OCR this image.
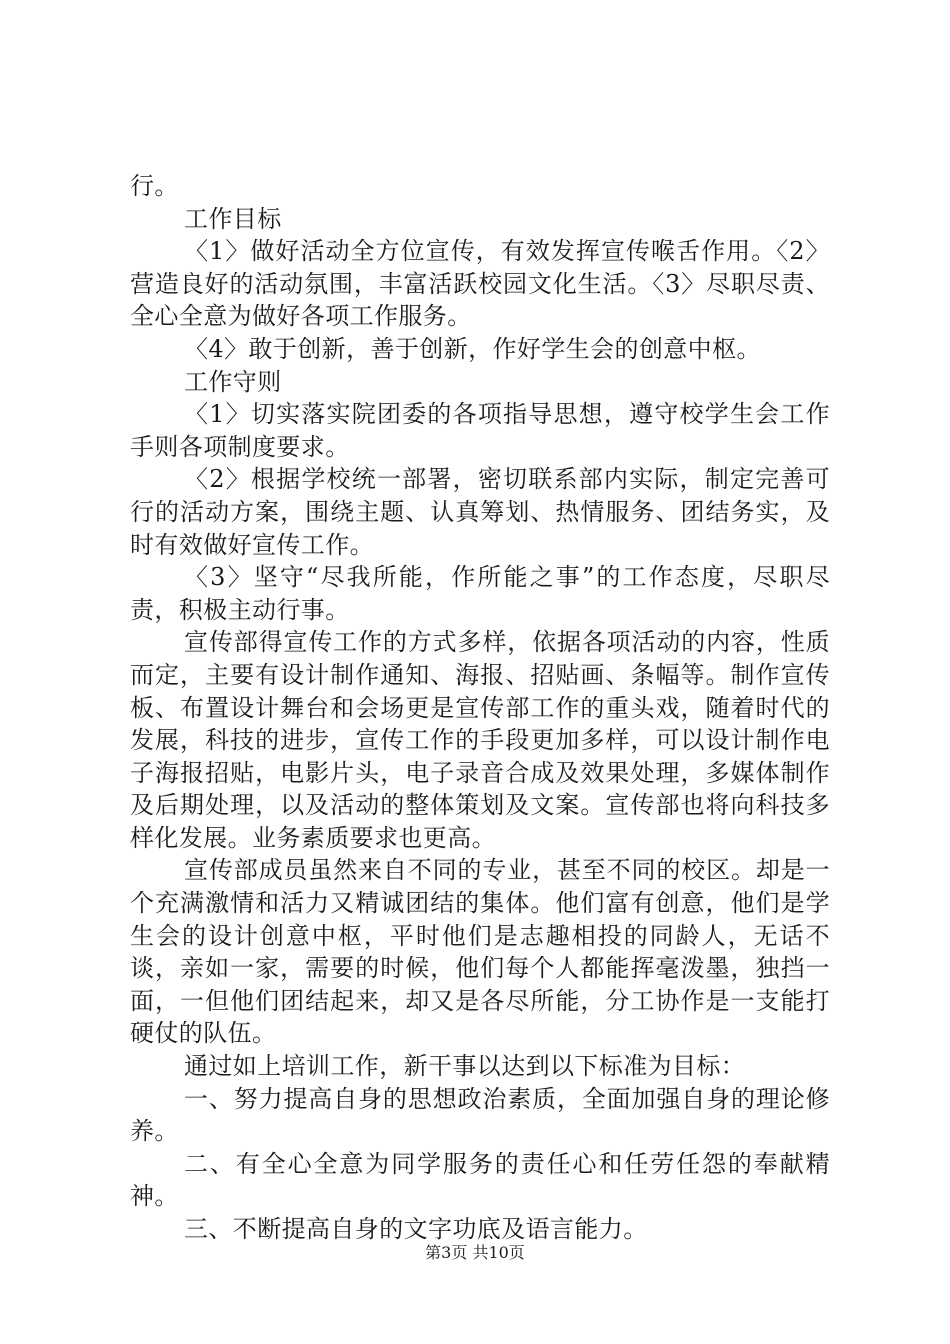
行。

工作目标

〈1〉做好活动全方位宣传，有效发挥宣传喉舌作用。〈2〉营造良好的活动氛围，丰富活跃校园文化生活。〈3〉尽职尽责、全心全意为做好各项工作服务。

〈4〉敢于创新，善于创新，作好学生会的创意中枢。

工作守则

〈1〉切实落实院团委的各项指导思想，遵守校学生会工作手则各项制度要求。

〈2〉根据学校统一部署，密切联系部内实际，制定完善可行的活动方案，围绕主题、认真筹划、热情服务、团结务实，及时有效做好宣传工作。

〈3〉坚守“尽我所能，作所能之事”的工作态度，尽职尽责，积极主动行事。

宣传部得宣传工作的方式多样，依据各项活动的内容，性质而定，主要有设计制作通知、海报、招贴画、条幅等。制作宣传板、布置设计舞台和会场更是宣传部工作的重头戏，随着时代的发展，科技的进步，宣传工作的手段更加多样，可以设计制作电子海报招贴，电影片头，电子录音合成及效果处理，多媒体制作及后期处理，以及活动的整体策划及文案。宣传部也将向科技多样化发展。业务素质要求也更高。

宣传部成员虽然来自不同的专业，甚至不同的校区。却是一个充满激情和活力又精诚团结的集体。他们富有创意，他们是学生会的设计创意中枢，平时他们是志趣相投的同龄人，无话不谈，亲如一家，需要的时候，他们每个人都能挥毫泼墨，独挡一面，一但他们团结起来，却又是各尽所能，分工协作是一支能打硬仗的队伍。

通过如上培训工作，新干事以达到以下标准为目标：

一、努力提高自身的思想政治素质，全面加强自身的理论修养。

二、有全心全意为同学服务的责任心和任劳任怨的奉献精神。

三、不断提高自身的文字功底及语言能力。

第3页 共10页
